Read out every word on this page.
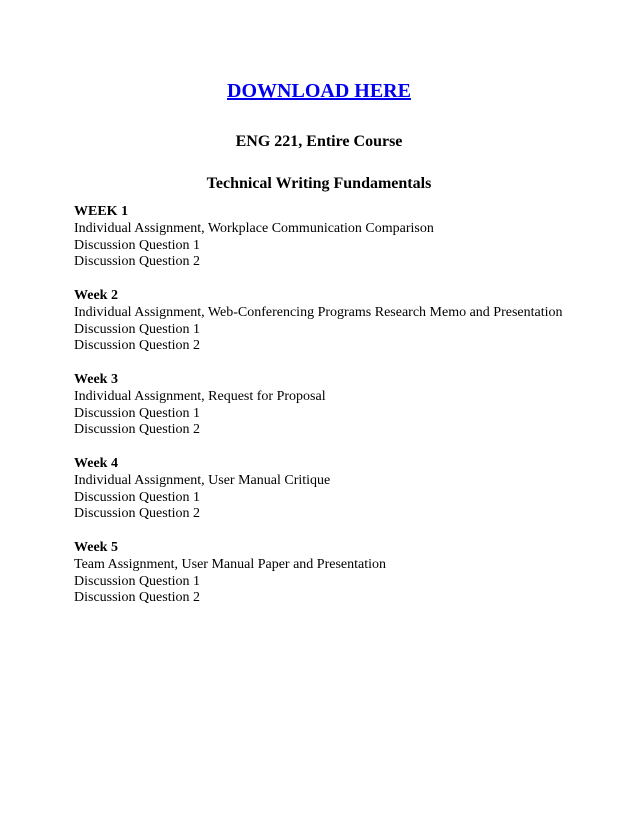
DOWNLOAD HERE
ENG 221, Entire Course
Technical Writing Fundamentals
WEEK 1
Individual Assignment, Workplace Communication Comparison
Discussion Question 1
Discussion Question 2
Week 2
Individual Assignment, Web-Conferencing Programs Research Memo and Presentation
Discussion Question 1
Discussion Question 2
Week 3
Individual Assignment, Request for Proposal
Discussion Question 1
Discussion Question 2
Week 4
Individual Assignment, User Manual Critique
Discussion Question 1
Discussion Question 2
Week 5
Team Assignment, User Manual Paper and Presentation
Discussion Question 1
Discussion Question 2
